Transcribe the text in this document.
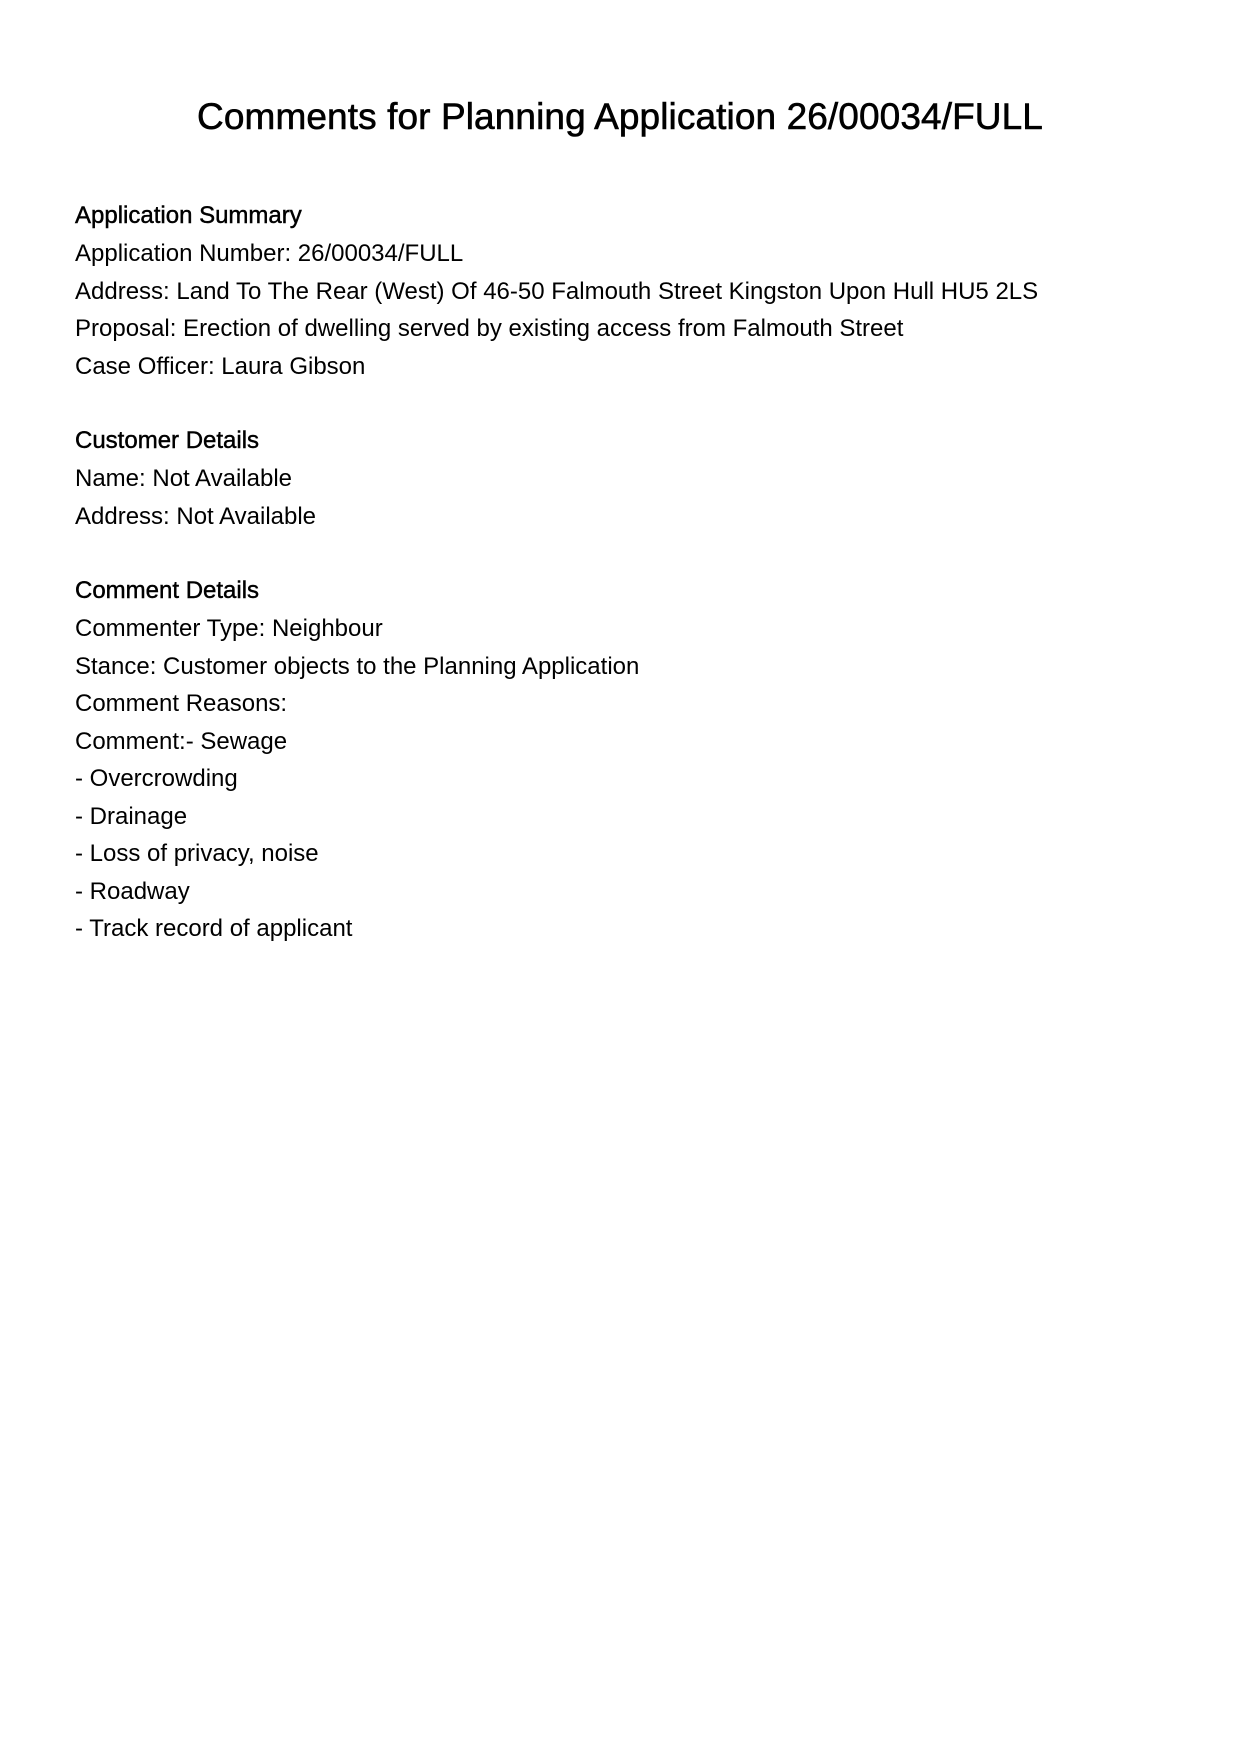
Comments for Planning Application 26/00034/FULL

Application Summary

Application Number: 26/00034/FULL

Address: Land To The Rear (West) Of 46-50 Falmouth Street Kingston Upon Hull HU5 2LS

Proposal: Erection of dwelling served by existing access from Falmouth Street

Case Officer: Laura Gibson

Customer Details

Name: Not Available

Address: Not Available

Comment Details

Commenter Type: Neighbour

Stance: Customer objects to the Planning Application

Comment Reasons:

Comment:- Sewage

- Overcrowding

- Drainage

- Loss of privacy, noise

- Roadway

- Track record of applicant
